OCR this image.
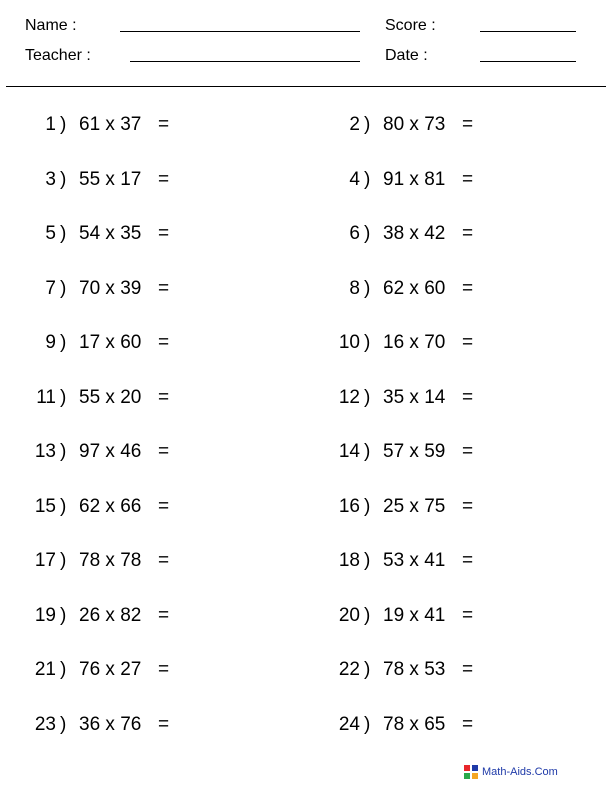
Name :	Score :
Teacher :	Date :
1 ) 61 x 37 =	2 ) 80 x 73 =
3 ) 55 x 17 =	4 ) 91 x 81 =
5 ) 54 x 35 =	6 ) 38 x 42 =
7 ) 70 x 39 =	8 ) 62 x 60 =
9 ) 17 x 60 =	10 ) 16 x 70 =
11 ) 55 x 20 =	12 ) 35 x 14 =
13 ) 97 x 46 =	14 ) 57 x 59 =
15 ) 62 x 66 =	16 ) 25 x 75 =
17 ) 78 x 78 =	18 ) 53 x 41 =
19 ) 26 x 82 =	20 ) 19 x 41 =
21 ) 76 x 27 =	22 ) 78 x 53 =
23 ) 36 x 76 =	24 ) 78 x 65 =
Math-Aids.Com
